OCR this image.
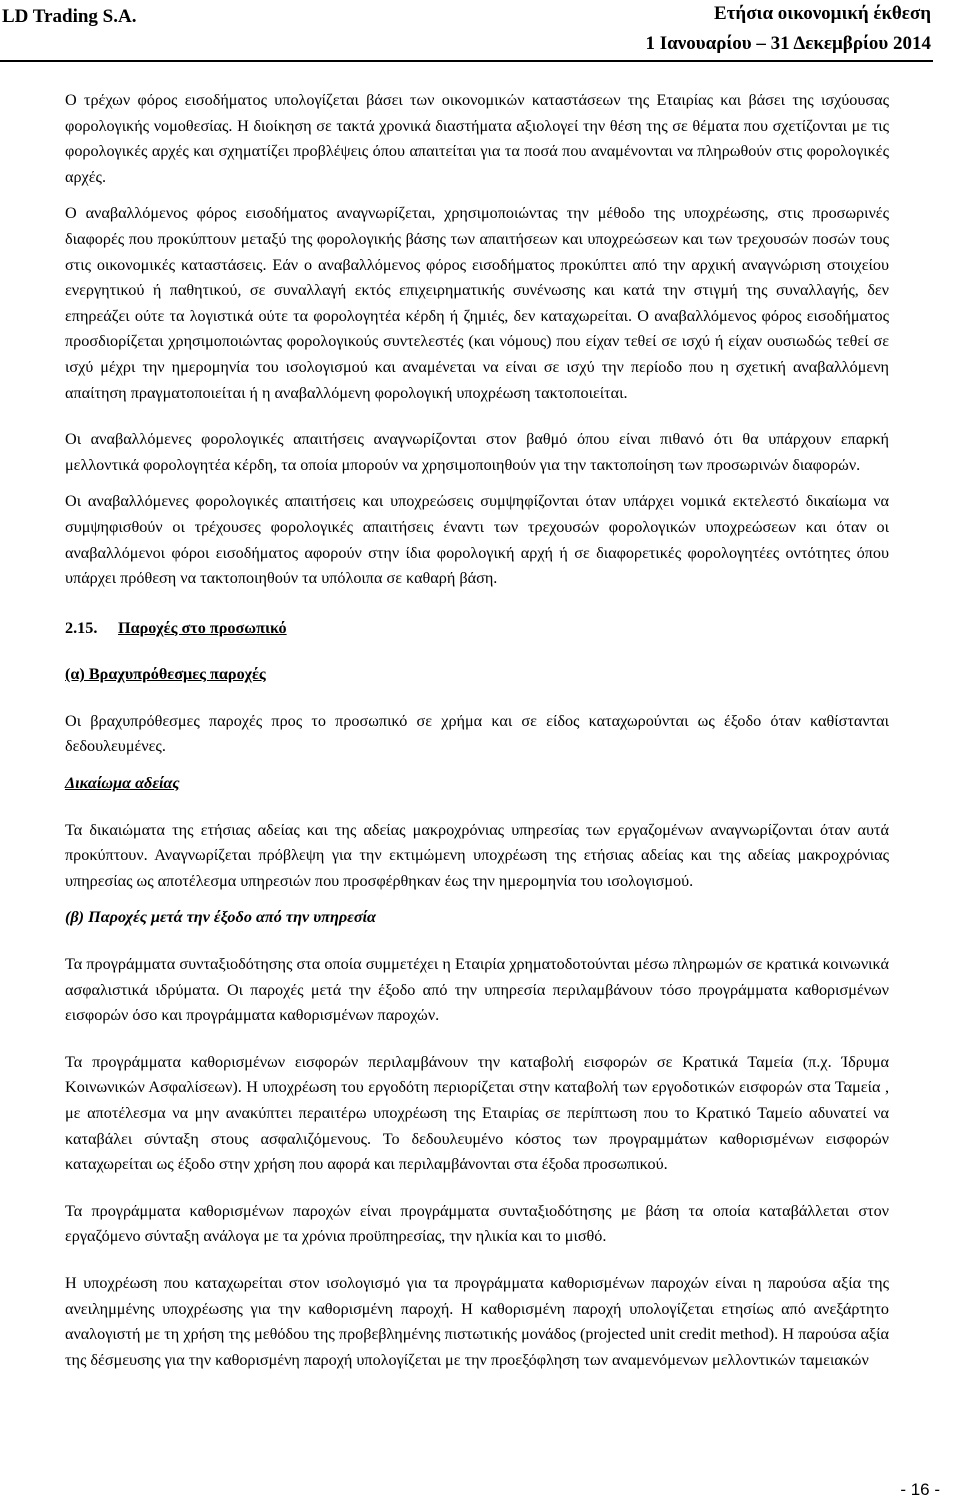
LD Trading S.A.	Ετήσια οικονομική έκθεση
1 Ιανουαρίου – 31 Δεκεμβρίου 2014

Ο τρέχων φόρος εισοδήματος υπολογίζεται βάσει των οικονομικών καταστάσεων της Εταιρίας και βάσει της ισχύουσας φορολογικής νομοθεσίας. Η διοίκηση σε τακτά χρονικά διαστήματα αξιολογεί την θέση της σε θέματα που σχετίζονται με τις φορολογικές αρχές και σχηματίζει προβλέψεις όπου απαιτείται για τα ποσά που αναμένονται να πληρωθούν στις φορολογικές αρχές.

Ο αναβαλλόμενος φόρος εισοδήματος αναγνωρίζεται, χρησιμοποιώντας την μέθοδο της υποχρέωσης, στις προσωρινές διαφορές που προκύπτουν μεταξύ της φορολογικής βάσης των απαιτήσεων και υποχρεώσεων και των τρεχουσών ποσών τους στις οικονομικές καταστάσεις. Εάν ο αναβαλλόμενος φόρος εισοδήματος προκύπτει από την αρχική αναγνώριση στοιχείου ενεργητικού ή παθητικού, σε συναλλαγή εκτός επιχειρηματικής συνένωσης και κατά την στιγμή της συναλλαγής, δεν επηρεάζει ούτε τα λογιστικά ούτε τα φορολογητέα κέρδη ή ζημιές, δεν καταχωρείται. Ο αναβαλλόμενος φόρος εισοδήματος προσδιορίζεται χρησιμοποιώντας φορολογικούς συντελεστές (και νόμους) που είχαν τεθεί σε ισχύ ή είχαν ουσιωδώς τεθεί σε ισχύ μέχρι την ημερομηνία του ισολογισμού και αναμένεται να είναι σε ισχύ την περίοδο που η σχετική αναβαλλόμενη απαίτηση πραγματοποιείται ή η αναβαλλόμενη φορολογική υποχρέωση τακτοποιείται.

Οι αναβαλλόμενες φορολογικές απαιτήσεις αναγνωρίζονται στον βαθμό όπου είναι πιθανό ότι θα υπάρχουν επαρκή μελλοντικά φορολογητέα κέρδη, τα οποία μπορούν να χρησιμοποιηθούν για την τακτοποίηση των προσωρινών διαφορών.

Οι αναβαλλόμενες φορολογικές απαιτήσεις και υποχρεώσεις συμψηφίζονται όταν υπάρχει νομικά εκτελεστό δικαίωμα να συμψηφισθούν οι τρέχουσες φορολογικές απαιτήσεις έναντι των τρεχουσών φορολογικών υποχρεώσεων και όταν οι αναβαλλόμενοι φόροι εισοδήματος αφορούν στην ίδια φορολογική αρχή ή σε διαφορετικές φορολογητέες οντότητες όπου υπάρχει πρόθεση να τακτοποιηθούν τα υπόλοιπα σε καθαρή βάση.

2.15. Παροχές στο προσωπικό

(α) Βραχυπρόθεσμες παροχές

Οι βραχυπρόθεσμες παροχές προς το προσωπικό σε χρήμα και σε είδος καταχωρούνται ως έξοδο όταν καθίστανται δεδουλευμένες.

Δικαίωμα αδείας

Τα δικαιώματα της ετήσιας αδείας και της αδείας μακροχρόνιας υπηρεσίας των εργαζομένων αναγνωρίζονται όταν αυτά προκύπτουν. Αναγνωρίζεται πρόβλεψη για την εκτιμώμενη υποχρέωση της ετήσιας αδείας και της αδείας μακροχρόνιας υπηρεσίας ως αποτέλεσμα υπηρεσιών που προσφέρθηκαν έως την ημερομηνία του ισολογισμού.

(β) Παροχές μετά την έξοδο από την υπηρεσία

Τα προγράμματα συνταξιοδότησης στα οποία συμμετέχει η Εταιρία χρηματοδοτούνται μέσω πληρωμών σε κρατικά κοινωνικά ασφαλιστικά ιδρύματα. Οι παροχές μετά την έξοδο από την υπηρεσία περιλαμβάνουν τόσο προγράμματα καθορισμένων εισφορών όσο και προγράμματα καθορισμένων παροχών.

Τα προγράμματα καθορισμένων εισφορών περιλαμβάνουν την καταβολή εισφορών σε Κρατικά Ταμεία (π.χ. Ίδρυμα Κοινωνικών Ασφαλίσεων). Η υποχρέωση του εργοδότη περιορίζεται στην καταβολή των εργοδοτικών εισφορών στα Ταμεία , με αποτέλεσμα να μην ανακύπτει περαιτέρω υποχρέωση της Εταιρίας σε περίπτωση που το Κρατικό Ταμείο αδυνατεί να καταβάλει σύνταξη στους ασφαλιζόμενους. Το δεδουλευμένο κόστος των προγραμμάτων καθορισμένων εισφορών καταχωρείται ως έξοδο στην χρήση που αφορά και περιλαμβάνονται στα έξοδα προσωπικού.

Τα προγράμματα καθορισμένων παροχών είναι προγράμματα συνταξιοδότησης με βάση τα οποία καταβάλλεται στον εργαζόμενο σύνταξη ανάλογα με τα χρόνια προϋπηρεσίας, την ηλικία και το μισθό.

Η υποχρέωση που καταχωρείται στον ισολογισμό για τα προγράμματα καθορισμένων παροχών είναι η παρούσα αξία της ανειλημμένης υποχρέωσης για την καθορισμένη παροχή. Η καθορισμένη παροχή υπολογίζεται ετησίως από ανεξάρτητο αναλογιστή με τη χρήση της μεθόδου της προβεβλημένης πιστωτικής μονάδος (projected unit credit method). Η παρούσα αξία της δέσμευσης για την καθορισμένη παροχή υπολογίζεται με την προεξόφληση των αναμενόμενων μελλοντικών ταμειακών

- 16 -
